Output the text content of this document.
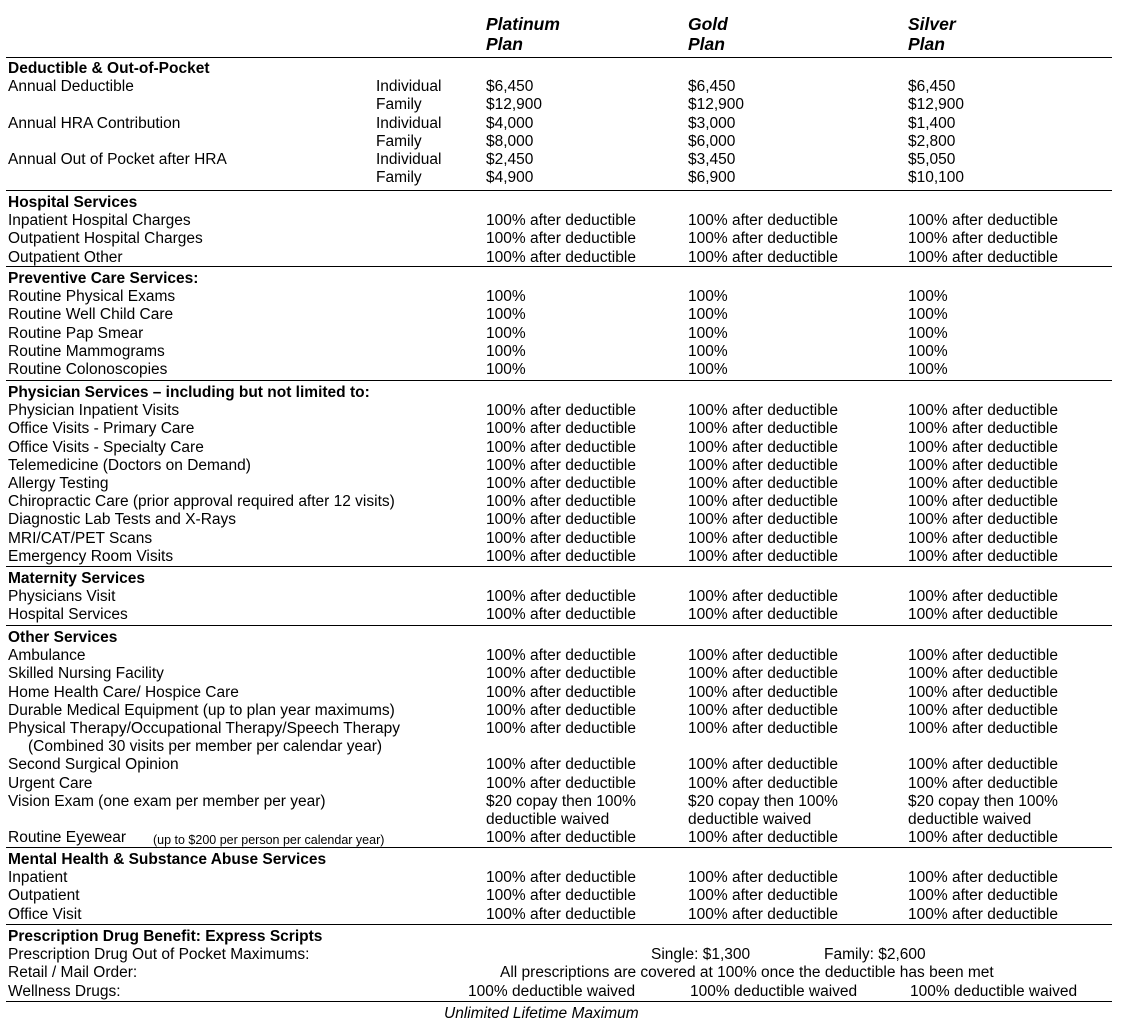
Platinum
Plan
Gold
Plan
Silver
Plan
Deductible & Out-of-Pocket
Annual Deductible	Individual	$6,450	$6,450	$6,450
Family	$12,900	$12,900	$12,900
Annual HRA Contribution	Individual	$4,000	$3,000	$1,400
Family	$8,000	$6,000	$2,800
Annual Out of Pocket after HRA	Individual	$2,450	$3,450	$5,050
Family	$4,900	$6,900	$10,100
Hospital Services
Inpatient Hospital Charges	100% after deductible	100% after deductible	100% after deductible
Outpatient Hospital Charges	100% after deductible	100% after deductible	100% after deductible
Outpatient Other	100% after deductible	100% after deductible	100% after deductible
Preventive Care Services:
Routine Physical Exams	100%	100%	100%
Routine Well Child Care	100%	100%	100%
Routine Pap Smear	100%	100%	100%
Routine Mammograms	100%	100%	100%
Routine Colonoscopies	100%	100%	100%
Physician Services – including but not limited to:
Physician Inpatient Visits	100% after deductible	100% after deductible	100% after deductible
Office Visits - Primary Care	100% after deductible	100% after deductible	100% after deductible
Office Visits - Specialty Care	100% after deductible	100% after deductible	100% after deductible
Telemedicine (Doctors on Demand)	100% after deductible	100% after deductible	100% after deductible
Allergy Testing	100% after deductible	100% after deductible	100% after deductible
Chiropractic Care (prior approval required after 12 visits)	100% after deductible	100% after deductible	100% after deductible
Diagnostic Lab Tests and X-Rays	100% after deductible	100% after deductible	100% after deductible
MRI/CAT/PET Scans	100% after deductible	100% after deductible	100% after deductible
Emergency Room Visits	100% after deductible	100% after deductible	100% after deductible
Maternity Services
Physicians Visit	100% after deductible	100% after deductible	100% after deductible
Hospital Services	100% after deductible	100% after deductible	100% after deductible
Other Services
Ambulance	100% after deductible	100% after deductible	100% after deductible
Skilled Nursing Facility	100% after deductible	100% after deductible	100% after deductible
Home Health Care/ Hospice Care	100% after deductible	100% after deductible	100% after deductible
Durable Medical Equipment (up to plan year maximums)	100% after deductible	100% after deductible	100% after deductible
Physical Therapy/Occupational Therapy/Speech Therapy	100% after deductible	100% after deductible	100% after deductible
(Combined 30 visits per member per calendar year)
Second Surgical Opinion	100% after deductible	100% after deductible	100% after deductible
Urgent Care	100% after deductible	100% after deductible	100% after deductible
Vision Exam (one exam per member per year)	$20 copay then 100%	$20 copay then 100%	$20 copay then 100%
deductible waived	deductible waived	deductible waived
Routine Eyewear (up to $200 per person per calendar year)	100% after deductible	100% after deductible	100% after deductible
Mental Health & Substance Abuse Services
Inpatient	100% after deductible	100% after deductible	100% after deductible
Outpatient	100% after deductible	100% after deductible	100% after deductible
Office Visit	100% after deductible	100% after deductible	100% after deductible
Prescription Drug Benefit: Express Scripts
Prescription Drug Out of Pocket Maximums:	Single: $1,300	Family: $2,600
Retail / Mail Order:	All prescriptions are covered at 100% once the deductible has been met
Wellness Drugs:	100% deductible waived	100% deductible waived	100% deductible waived
Unlimited Lifetime Maximum
